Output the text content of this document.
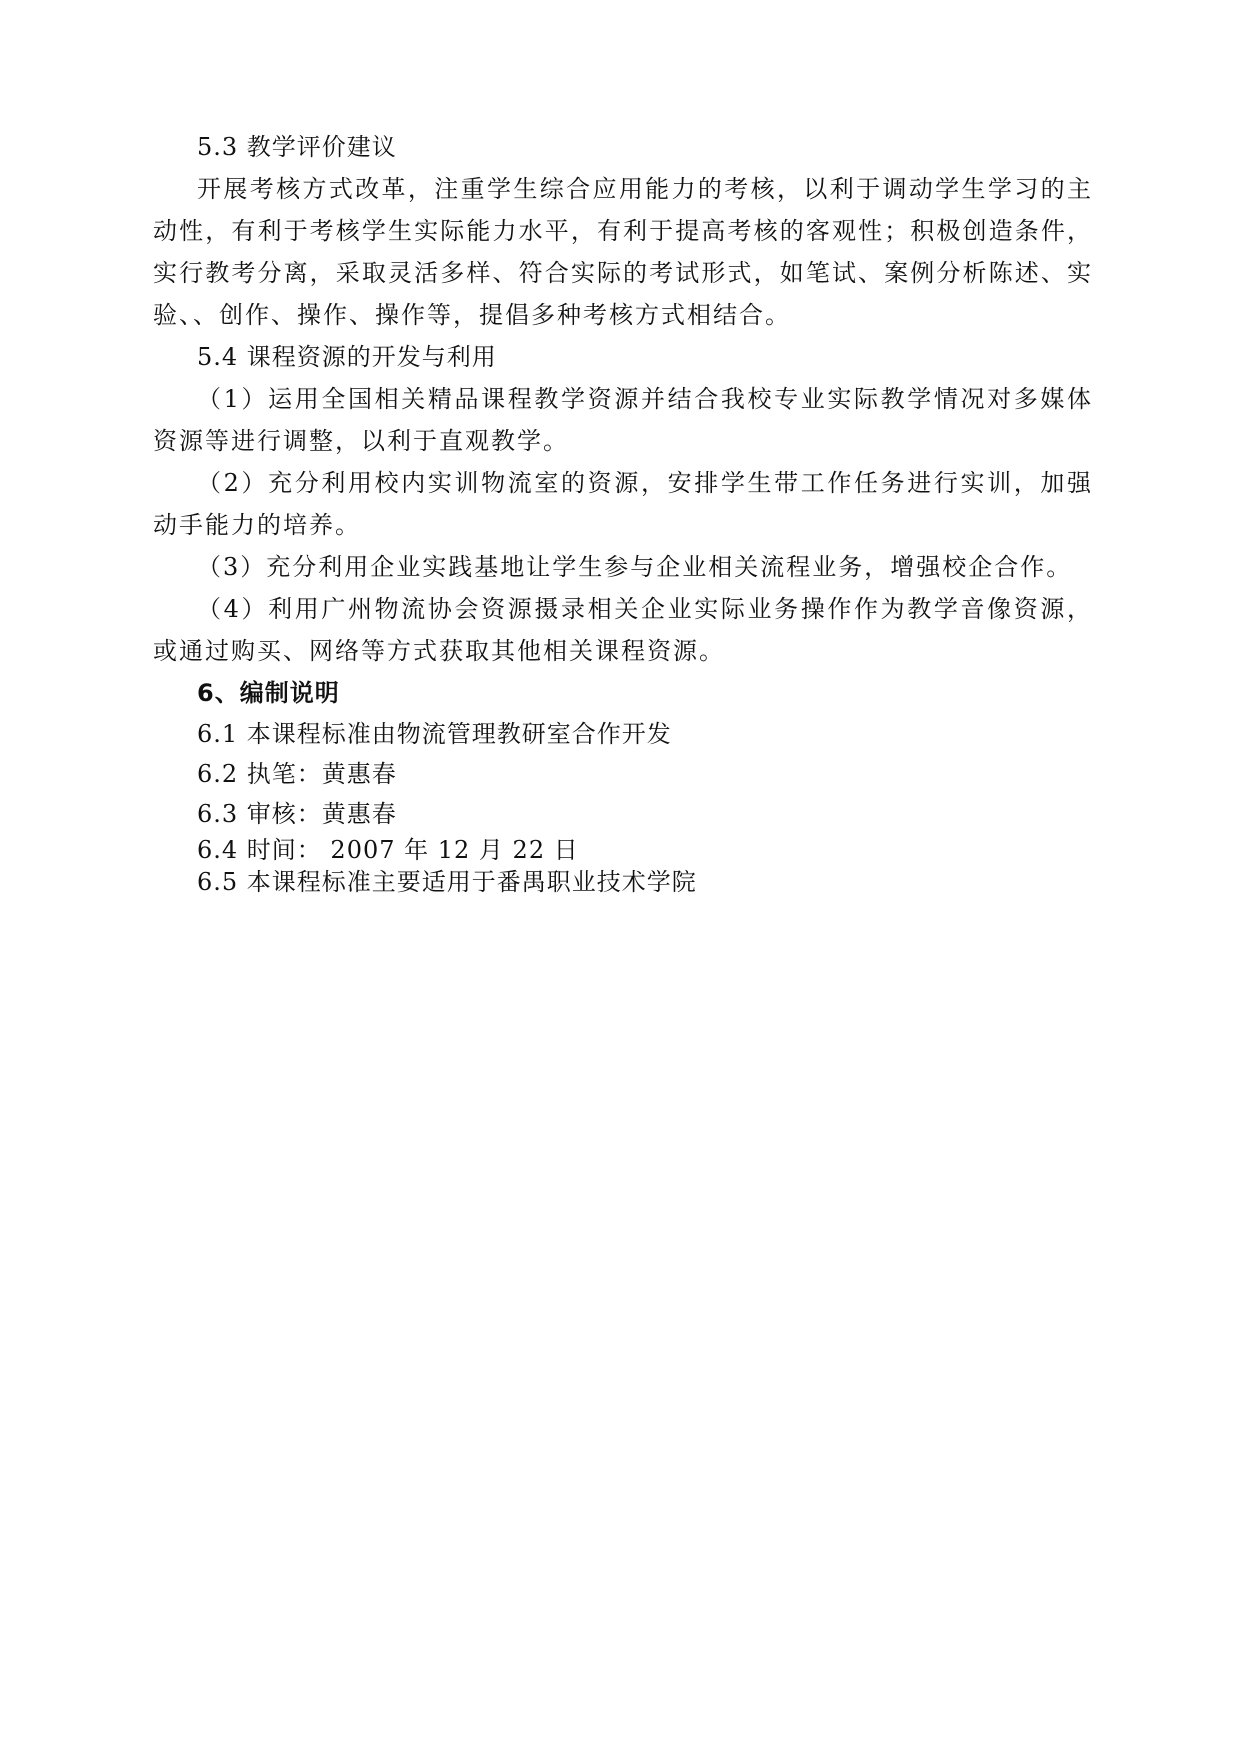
5.3 教学评价建议
开展考核方式改革，注重学生综合应用能力的考核，以利于调动学生学习的主动性，有利于考核学生实际能力水平，有利于提高考核的客观性；积极创造条件，实行教考分离，采取灵活多样、符合实际的考试形式，如笔试、案例分析陈述、实验、、创作、操作、操作等，提倡多种考核方式相结合。
5.4 课程资源的开发与利用
（1）运用全国相关精品课程教学资源并结合我校专业实际教学情况对多媒体资源等进行调整，以利于直观教学。
（2）充分利用校内实训物流室的资源，安排学生带工作任务进行实训，加强动手能力的培养。
（3）充分利用企业实践基地让学生参与企业相关流程业务，增强校企合作。
（4）利用广州物流协会资源摄录相关企业实际业务操作作为教学音像资源，或通过购买、网络等方式获取其他相关课程资源。
6、编制说明
6.1 本课程标准由物流管理教研室合作开发
6.2 执笔：黄惠春
6.3 审核：黄惠春
6.4 时间： 2007 年 12 月 22 日
6.5 本课程标准主要适用于番禺职业技术学院
